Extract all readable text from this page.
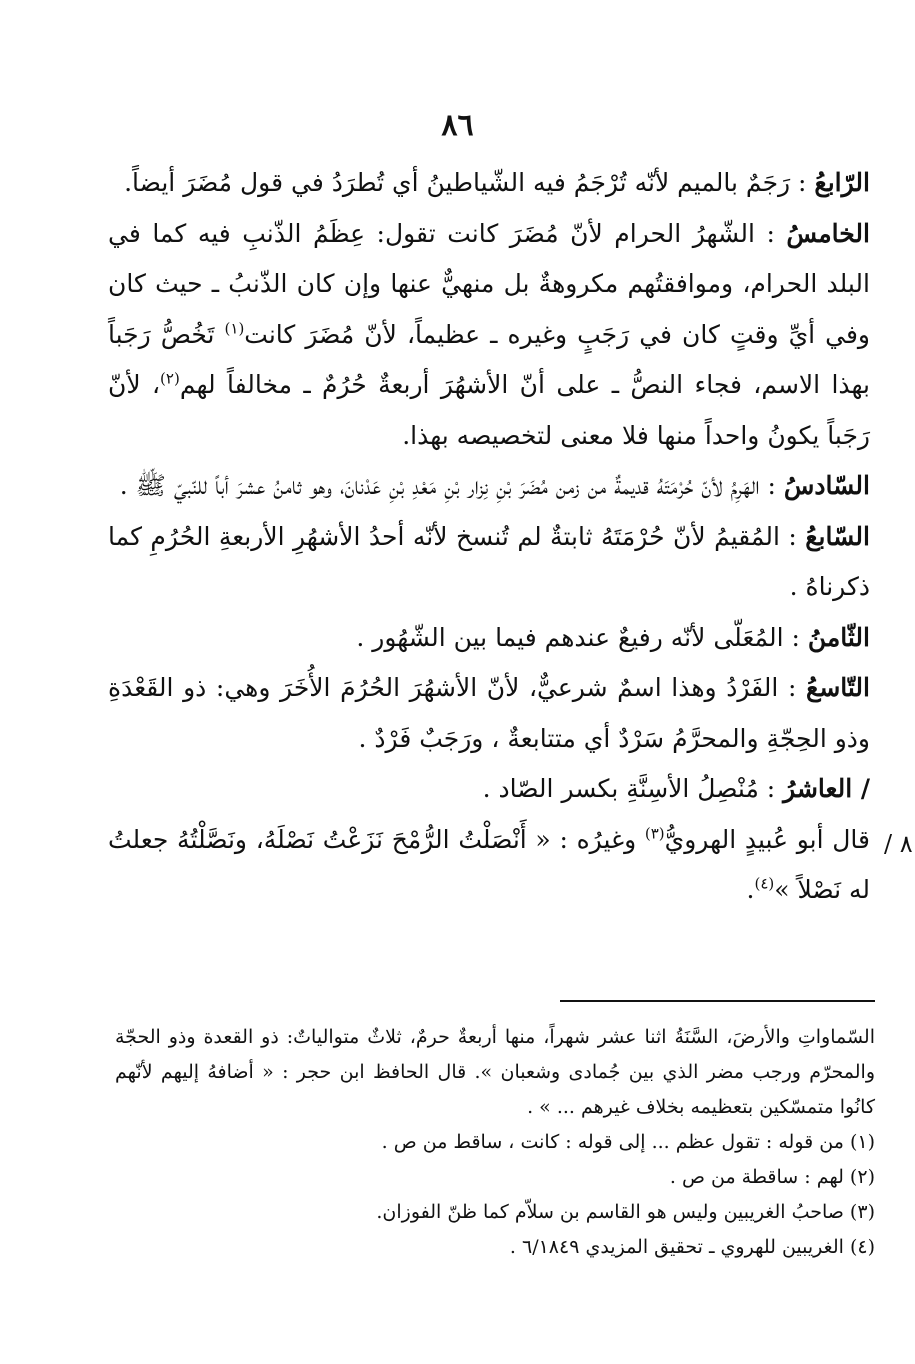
٨٦
٨ /

الرّابعُ : رَجَمٌ بالميم لأنّه تُرْجَمُ فيه الشّياطينُ أي تُطرَدُ في قول مُضَرَ أيضاً.

الخامسُ : الشّهرُ الحرام لأنّ مُضَرَ كانت تقول: عِظَمُ الذّنبِ فيه كما في البلد الحرام، وموافقتُهم مكروهةٌ بل منهيٌّ عنها وإن كان الذّنبُ ـ حيث كان وفي أيِّ وقتٍ كان في رَجَبٍ وغيره ـ عظيماً، لأنّ مُضَرَ كانت$^{(١)}$ تَخُصُّ رَجَباً بهذا الاسم، فجاء النصُّ ـ على أنّ الأشهُرَ أربعةٌ حُرُمٌ ـ مخالفاً لهم$^{(٢)}$، لأنّ رَجَباً يكونُ واحداً منها فلا معنى لتخصيصه بهذا.

السّادسُ : الهَرِمُ لأنّ حُرْمَتَهُ قديمةٌ من زمن مُضَرَ بْنِ نِزار بْنِ مَعْدِ بْنِ عَدْنانَ، وهو ثامنُ عشرَ أباً للنّبيّ ﷺ .

السّابعُ : المُقيمُ لأنّ حُرْمَتَهُ ثابتةٌ لم تُنسخ لأنّه أحدُ الأشهُرِ الأربعةِ الحُرُمِ كما ذكرناهُ .

الثّامنُ : المُعَلّى لأنّه رفيعٌ عندهم فيما بين الشّهُور .

التّاسعُ : الفَرْدُ وهذا اسمٌ شرعيٌّ، لأنّ الأشهُرَ الحُرُمَ الأُخَرَ وهي: ذو القَعْدَةِ وذو الحِجّةِ والمحرَّمُ سَرْدٌ أي متتابعةٌ ، ورَجَبٌ فَرْدٌ .

/ العاشرُ : مُنْصِلُ الأسِنَّةِ بكسر الصّاد .

قال أبو عُبيدٍ الهرويُّ$^{(٣)}$ وغيرُه : « أَنْصَلْتُ الرُّمْحَ نَزَعْتُ نَصْلَهُ، ونَصَّلْتُهُ جعلتُ له نَصْلاً »$^{(٤)}$.

السّماواتِ والأرضَ، السَّنَةُ اثنا عشر شهراً، منها أربعةٌ حرمٌ، ثلاثٌ متوالياتٌ: ذو القعدة وذو الحجّة والمحرّم ورجب مضر الذي بين جُمادى وشعبان ». قال الحافظ ابن حجر : « أضافهُ إليهم لأنّهم كانُوا متمسّكين بتعظيمه بخلاف غيرهم ... » .

(١) من قوله : تقول عظم ... إلى قوله : كانت ، ساقط من ص .

(٢) لهم : ساقطة من ص .

(٣) صاحبُ الغريبين وليس هو القاسم بن سلاّم كما ظنّ الفوزان.

(٤) الغريبين للهروي ـ تحقيق المزيدي ٦/١٨٤٩ .
